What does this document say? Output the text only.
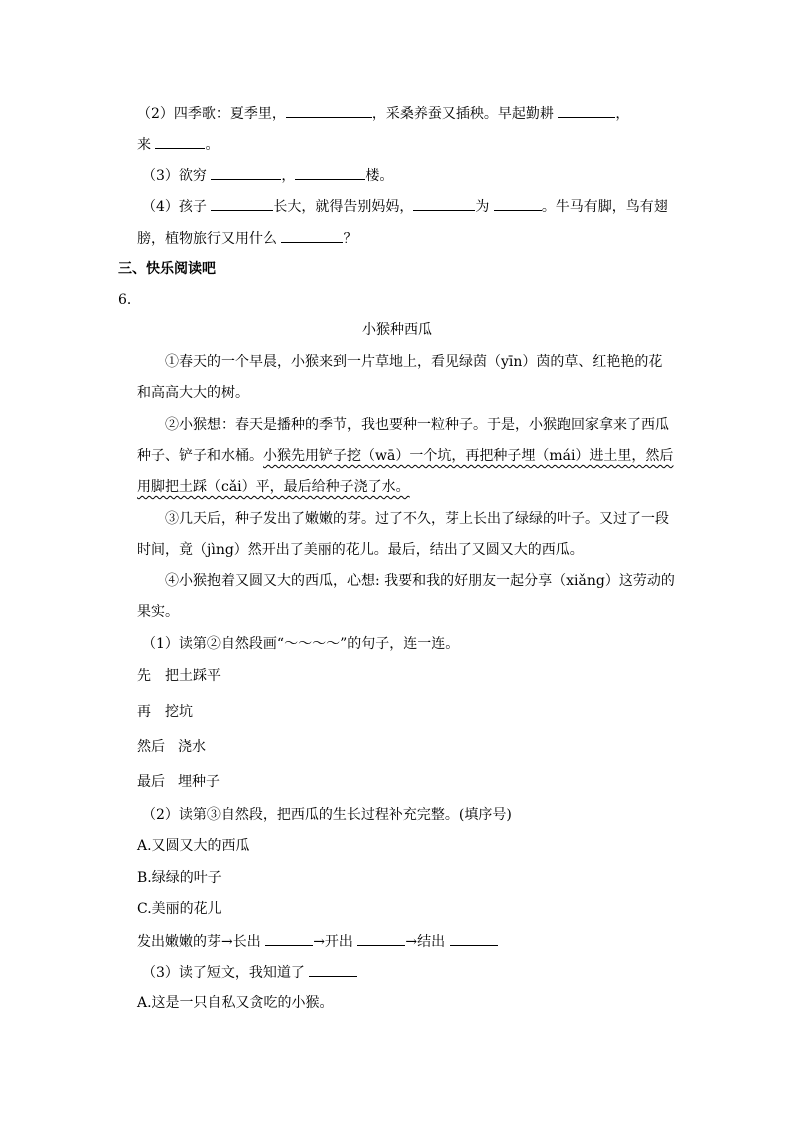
（2）四季歌：夏季里，	，采桑养蚕又插秧。早起勤耕	，
来	。
（3）欲穷	，	楼。
（4）孩子	长大，就得告别妈妈，	为	。牛马有脚，鸟有翅
膀，植物旅行又用什么	？
三、快乐阅读吧
6．
小猴种西瓜
①春天的一个早晨，小猴来到一片草地上，看见绿茵（yīn）茵的草、红艳艳的花
和高高大大的树。
②小猴想：春天是播种的季节，我也要种一粒种子。于是，小猴跑回家拿来了西瓜
种子、铲子和水桶。小猴先用铲子挖（wā）一个坑，再把种子埋（mái）进土里，然后
用脚把土踩（cǎi）平，最后给种子浇了水。
③几天后，种子发出了嫩嫩的芽。过了不久，芽上长出了绿绿的叶子。又过了一段
时间，竟（jìng）然开出了美丽的花儿。最后，结出了又圆又大的西瓜。
④小猴抱着又圆又大的西瓜，心想: 我要和我的好朋友一起分享（xiǎng）这劳动的
果实。
（1）读第②自然段画“～～～～”的句子，连一连。
先 把土踩平
再 挖坑
然后 浇水
最后 埋种子
（2）读第③自然段，把西瓜的生长过程补充完整。(填序号)
A.又圆又大的西瓜
B.绿绿的叶子
C.美丽的花儿
发出嫩嫩的芽→长出	→开出	→结出
（3）读了短文，我知道了
A.这是一只自私又贪吃的小猴。
